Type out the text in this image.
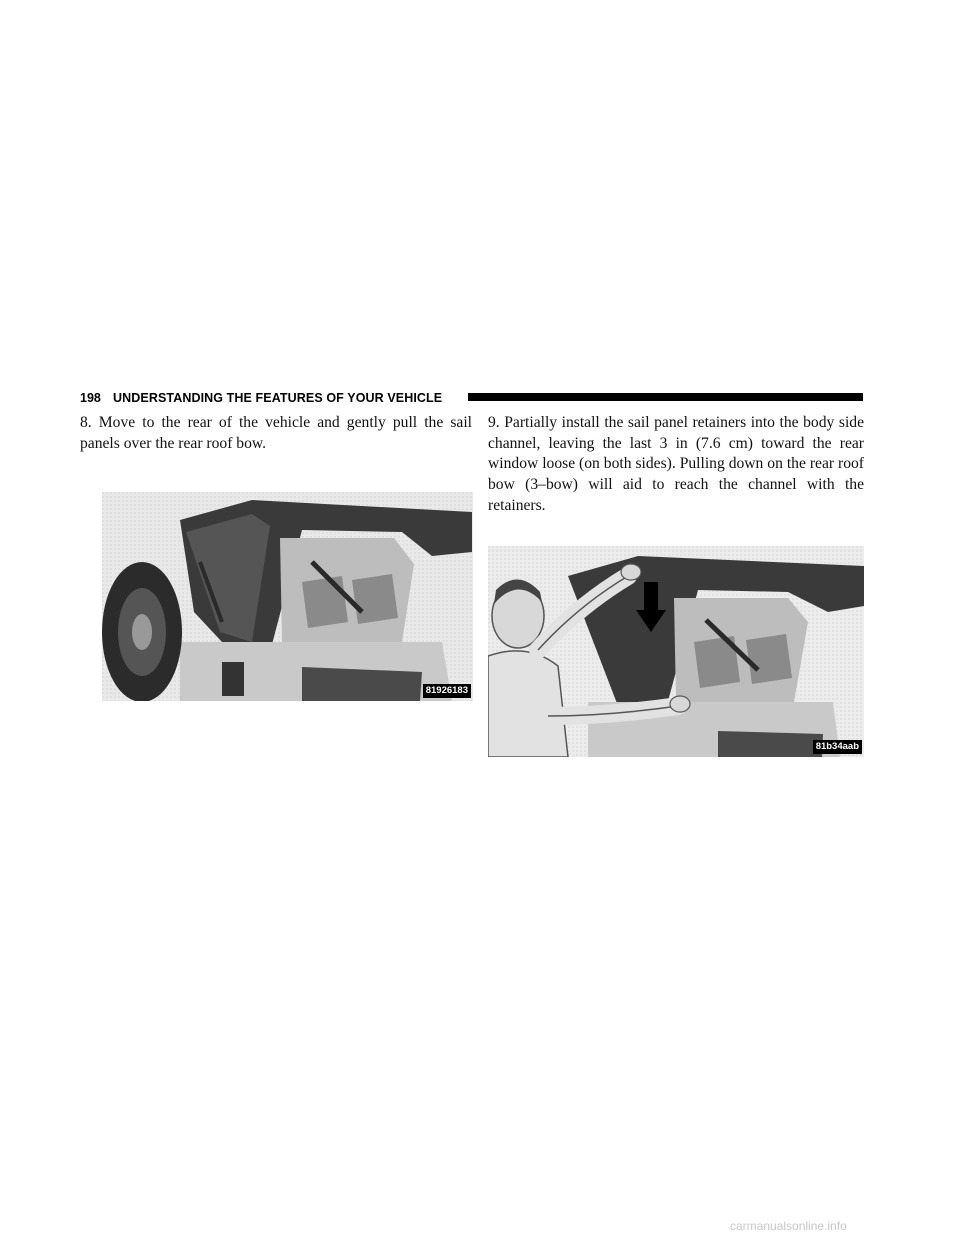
198 UNDERSTANDING THE FEATURES OF YOUR VEHICLE

8. Move to the rear of the vehicle and gently pull the sail panels over the rear roof bow.

9. Partially install the sail panel retainers into the body side channel, leaving the last 3 in (7.6 cm) toward the rear window loose (on both sides). Pulling down on the rear roof bow (3–bow) will aid to reach the channel with the retainers.

81926183
81b34aab
carmanualsonline.info
